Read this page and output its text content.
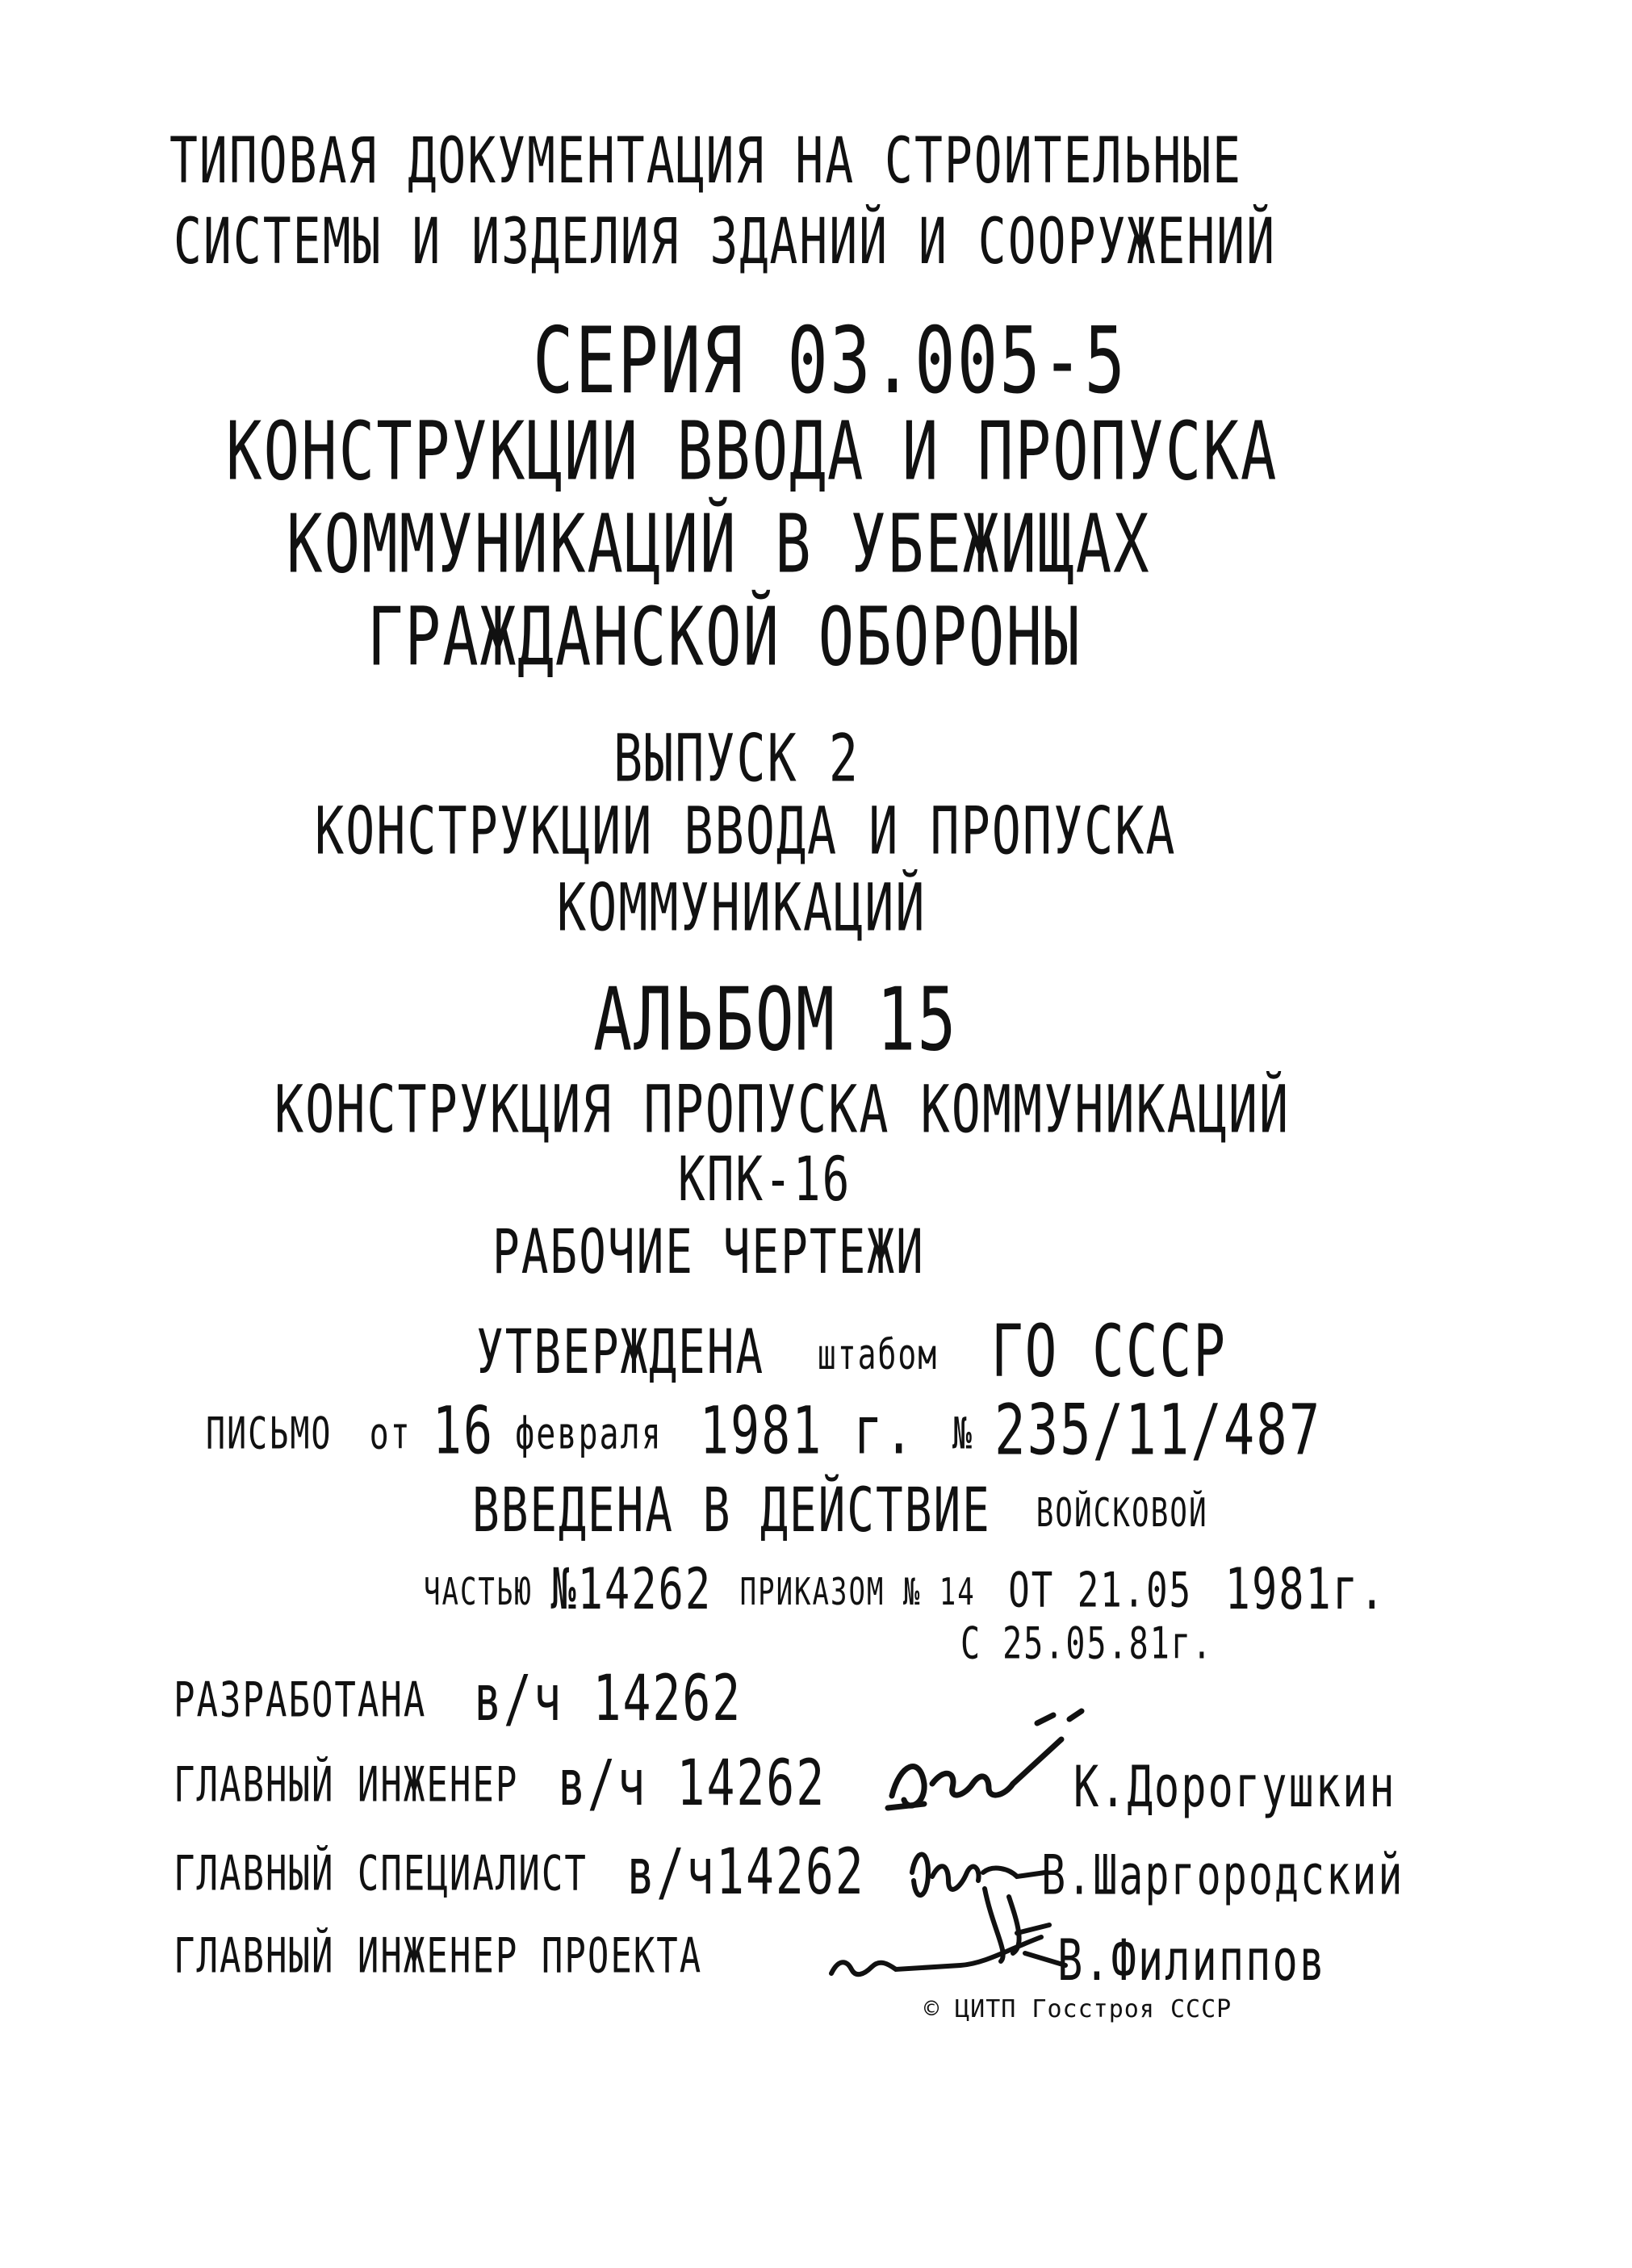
ТИПОВАЯ ДОКУМЕНТАЦИЯ НА СТРОИТЕЛЬНЫЕ
СИСТЕМЫ И ИЗДЕЛИЯ ЗДАНИЙ И СООРУЖЕНИЙ
СЕРИЯ 03.005-5
КОНСТРУКЦИИ ВВОДА И ПРОПУСКА
КОММУНИКАЦИЙ В УБЕЖИЩАХ
ГРАЖДАНСКОЙ ОБОРОНЫ
ВЫПУСК 2
КОНСТРУКЦИИ ВВОДА И ПРОПУСКА
КОММУНИКАЦИЙ
АЛЬБОМ 15
КОНСТРУКЦИЯ ПРОПУСКА КОММУНИКАЦИЙ
КПК-16
РАБОЧИЕ ЧЕРТЕЖИ
УТВЕРЖДЕНА штабом ГО СССР
ПИСЬМО от 16 февраля 1981 г. № 235/11/487
ВВЕДЕНА В ДЕЙСТВИЕ ВОЙСКОВОЙ
ЧАСТЬЮ №14262 ПРИКАЗОМ № 14 ОТ 21.05 1981г.
С 25.05.81г.
РАЗРАБОТАНА в/ч 14262
ГЛАВНЫЙ ИНЖЕНЕР в/ч 14262	К.Дорогушкин
ГЛАВНЫЙ СПЕЦИАЛИСТ в/ч14262	В.Шаргородский
ГЛАВНЫЙ ИНЖЕНЕР ПРОЕКТА	В.Филиппов
© ЦИТП Госстроя СССР
